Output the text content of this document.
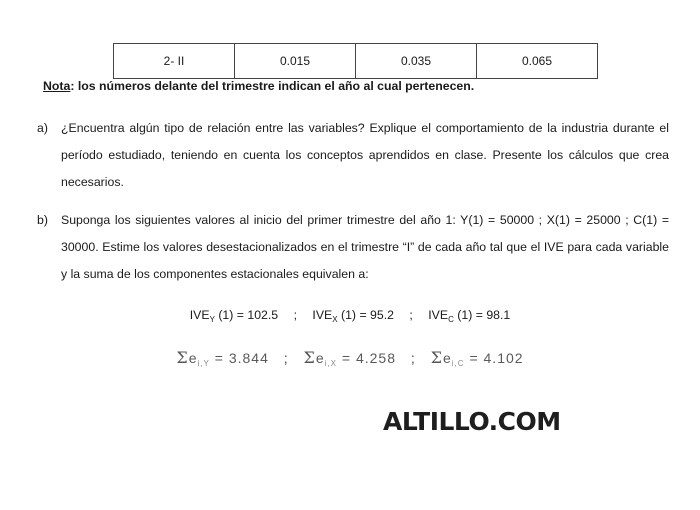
2- II	0.015	0.035	0.065
Nota: los números delante del trimestre indican el año al cual pertenecen.
a) ¿Encuentra algún tipo de relación entre las variables? Explique el comportamiento de la industria durante el período estudiado, teniendo en cuenta los conceptos aprendidos en clase. Presente los cálculos que crea necesarios.
b) Suponga los siguientes valores al inicio del primer trimestre del año 1: Y(1) = 50000 ; X(1) = 25000 ; C(1) = 30000. Estime los valores desestacionalizados en el trimestre “I” de cada año tal que el IVE para cada variable y la suma de los componentes estacionales equivalen a:
$IVE_Y$ (1) = 102.5 ; $IVE_X$ (1) = 95.2 ; $IVE_C$ (1) = 98.1
$\Sigma e_{i,Y} = 3.844$ ; $\Sigma e_{i,X} = 4.258$ ; $\Sigma e_{i,C} = 4.102$
ALTILLO.COM
